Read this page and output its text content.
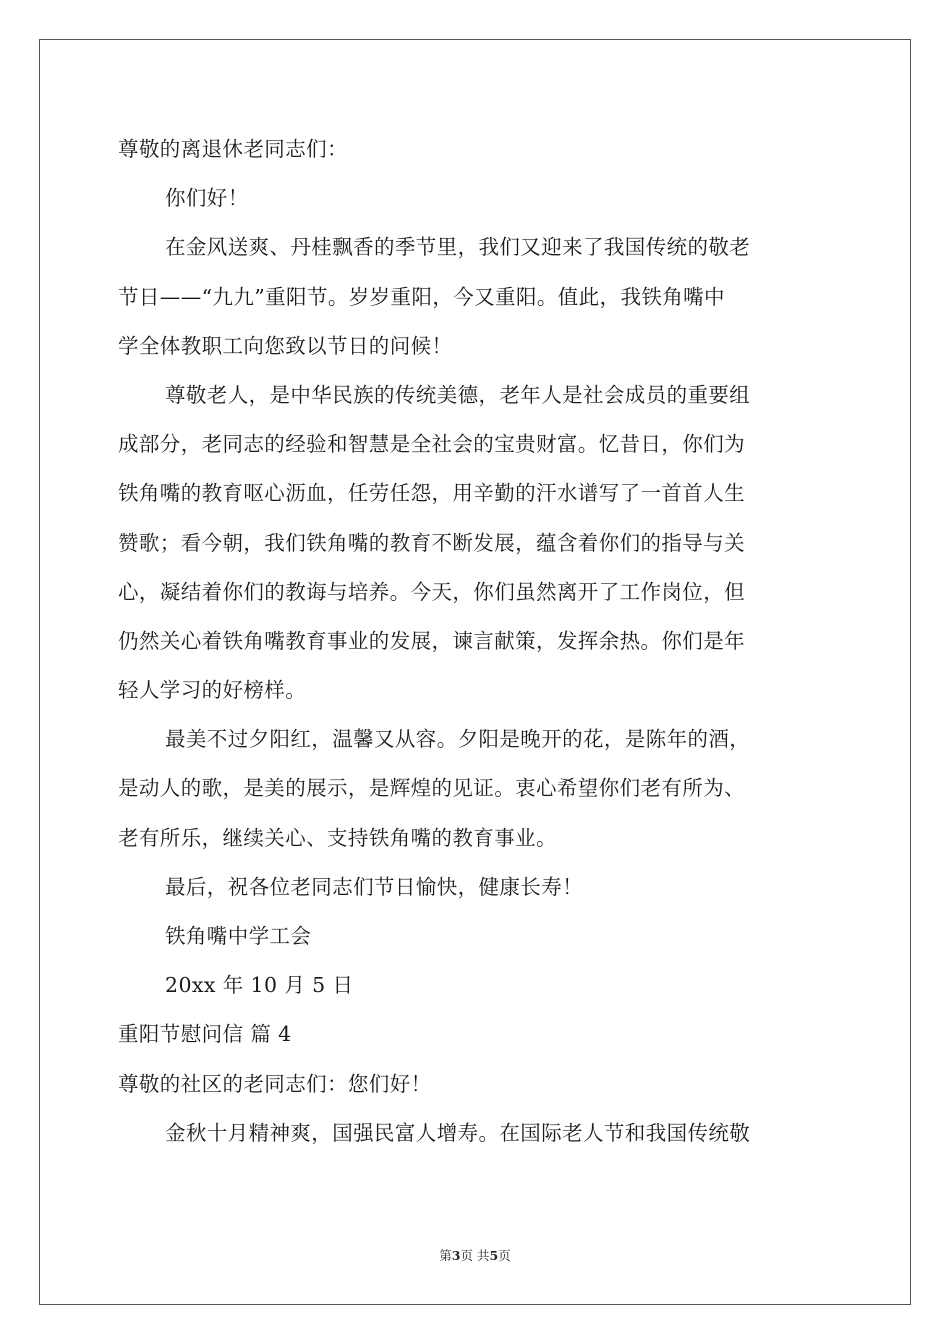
尊敬的离退休老同志们：
你们好！
在金风送爽、丹桂飘香的季节里，我们又迎来了我国传统的敬老
节日——“九九”重阳节。岁岁重阳，今又重阳。值此，我铁角嘴中
学全体教职工向您致以节日的问候！
尊敬老人，是中华民族的传统美德，老年人是社会成员的重要组
成部分，老同志的经验和智慧是全社会的宝贵财富。忆昔日，你们为
铁角嘴的教育呕心沥血，任劳任怨，用辛勤的汗水谱写了一首首人生
赞歌；看今朝，我们铁角嘴的教育不断发展，蕴含着你们的指导与关
心，凝结着你们的教诲与培养。今天，你们虽然离开了工作岗位，但
仍然关心着铁角嘴教育事业的发展，谏言献策，发挥余热。你们是年
轻人学习的好榜样。
最美不过夕阳红，温馨又从容。夕阳是晚开的花，是陈年的酒，
是动人的歌，是美的展示，是辉煌的见证。衷心希望你们老有所为、
老有所乐，继续关心、支持铁角嘴的教育事业。
最后，祝各位老同志们节日愉快，健康长寿！
铁角嘴中学工会
20xx 年 10 月 5 日
重阳节慰问信 篇 4
尊敬的社区的老同志们：您们好！
金秋十月精神爽，国强民富人增寿。在国际老人节和我国传统敬
第3页 共5页
